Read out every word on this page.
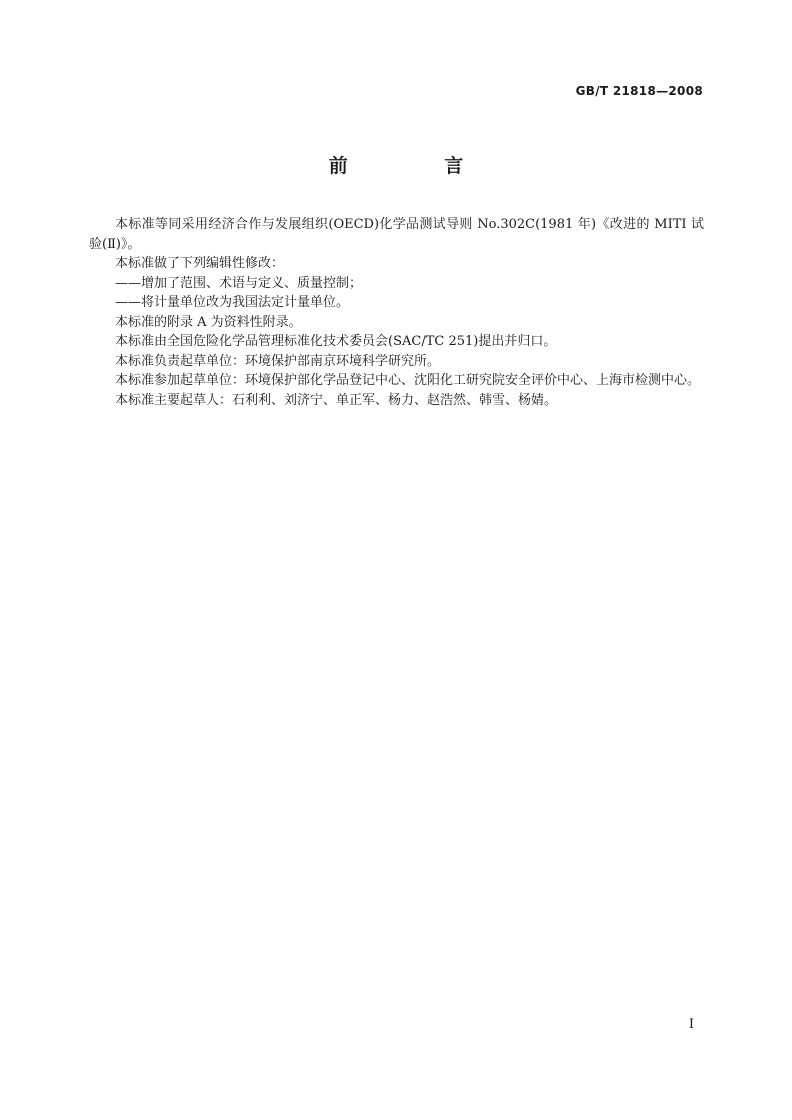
GB/T 21818—2008
前 言

本标准等同采用经济合作与发展组织(OECD)化学品测试导则 No.302C(1981 年)《改进的 MITI 试验(Ⅱ)》。

本标准做了下列编辑性修改：

——增加了范围、术语与定义、质量控制；

——将计量单位改为我国法定计量单位。

本标准的附录 A 为资料性附录。

本标准由全国危险化学品管理标准化技术委员会(SAC/TC 251)提出并归口。

本标准负责起草单位：环境保护部南京环境科学研究所。

本标准参加起草单位：环境保护部化学品登记中心、沈阳化工研究院安全评价中心、上海市检测中心。

本标准主要起草人：石利利、刘济宁、单正军、杨力、赵浩然、韩雪、杨婧。

I
